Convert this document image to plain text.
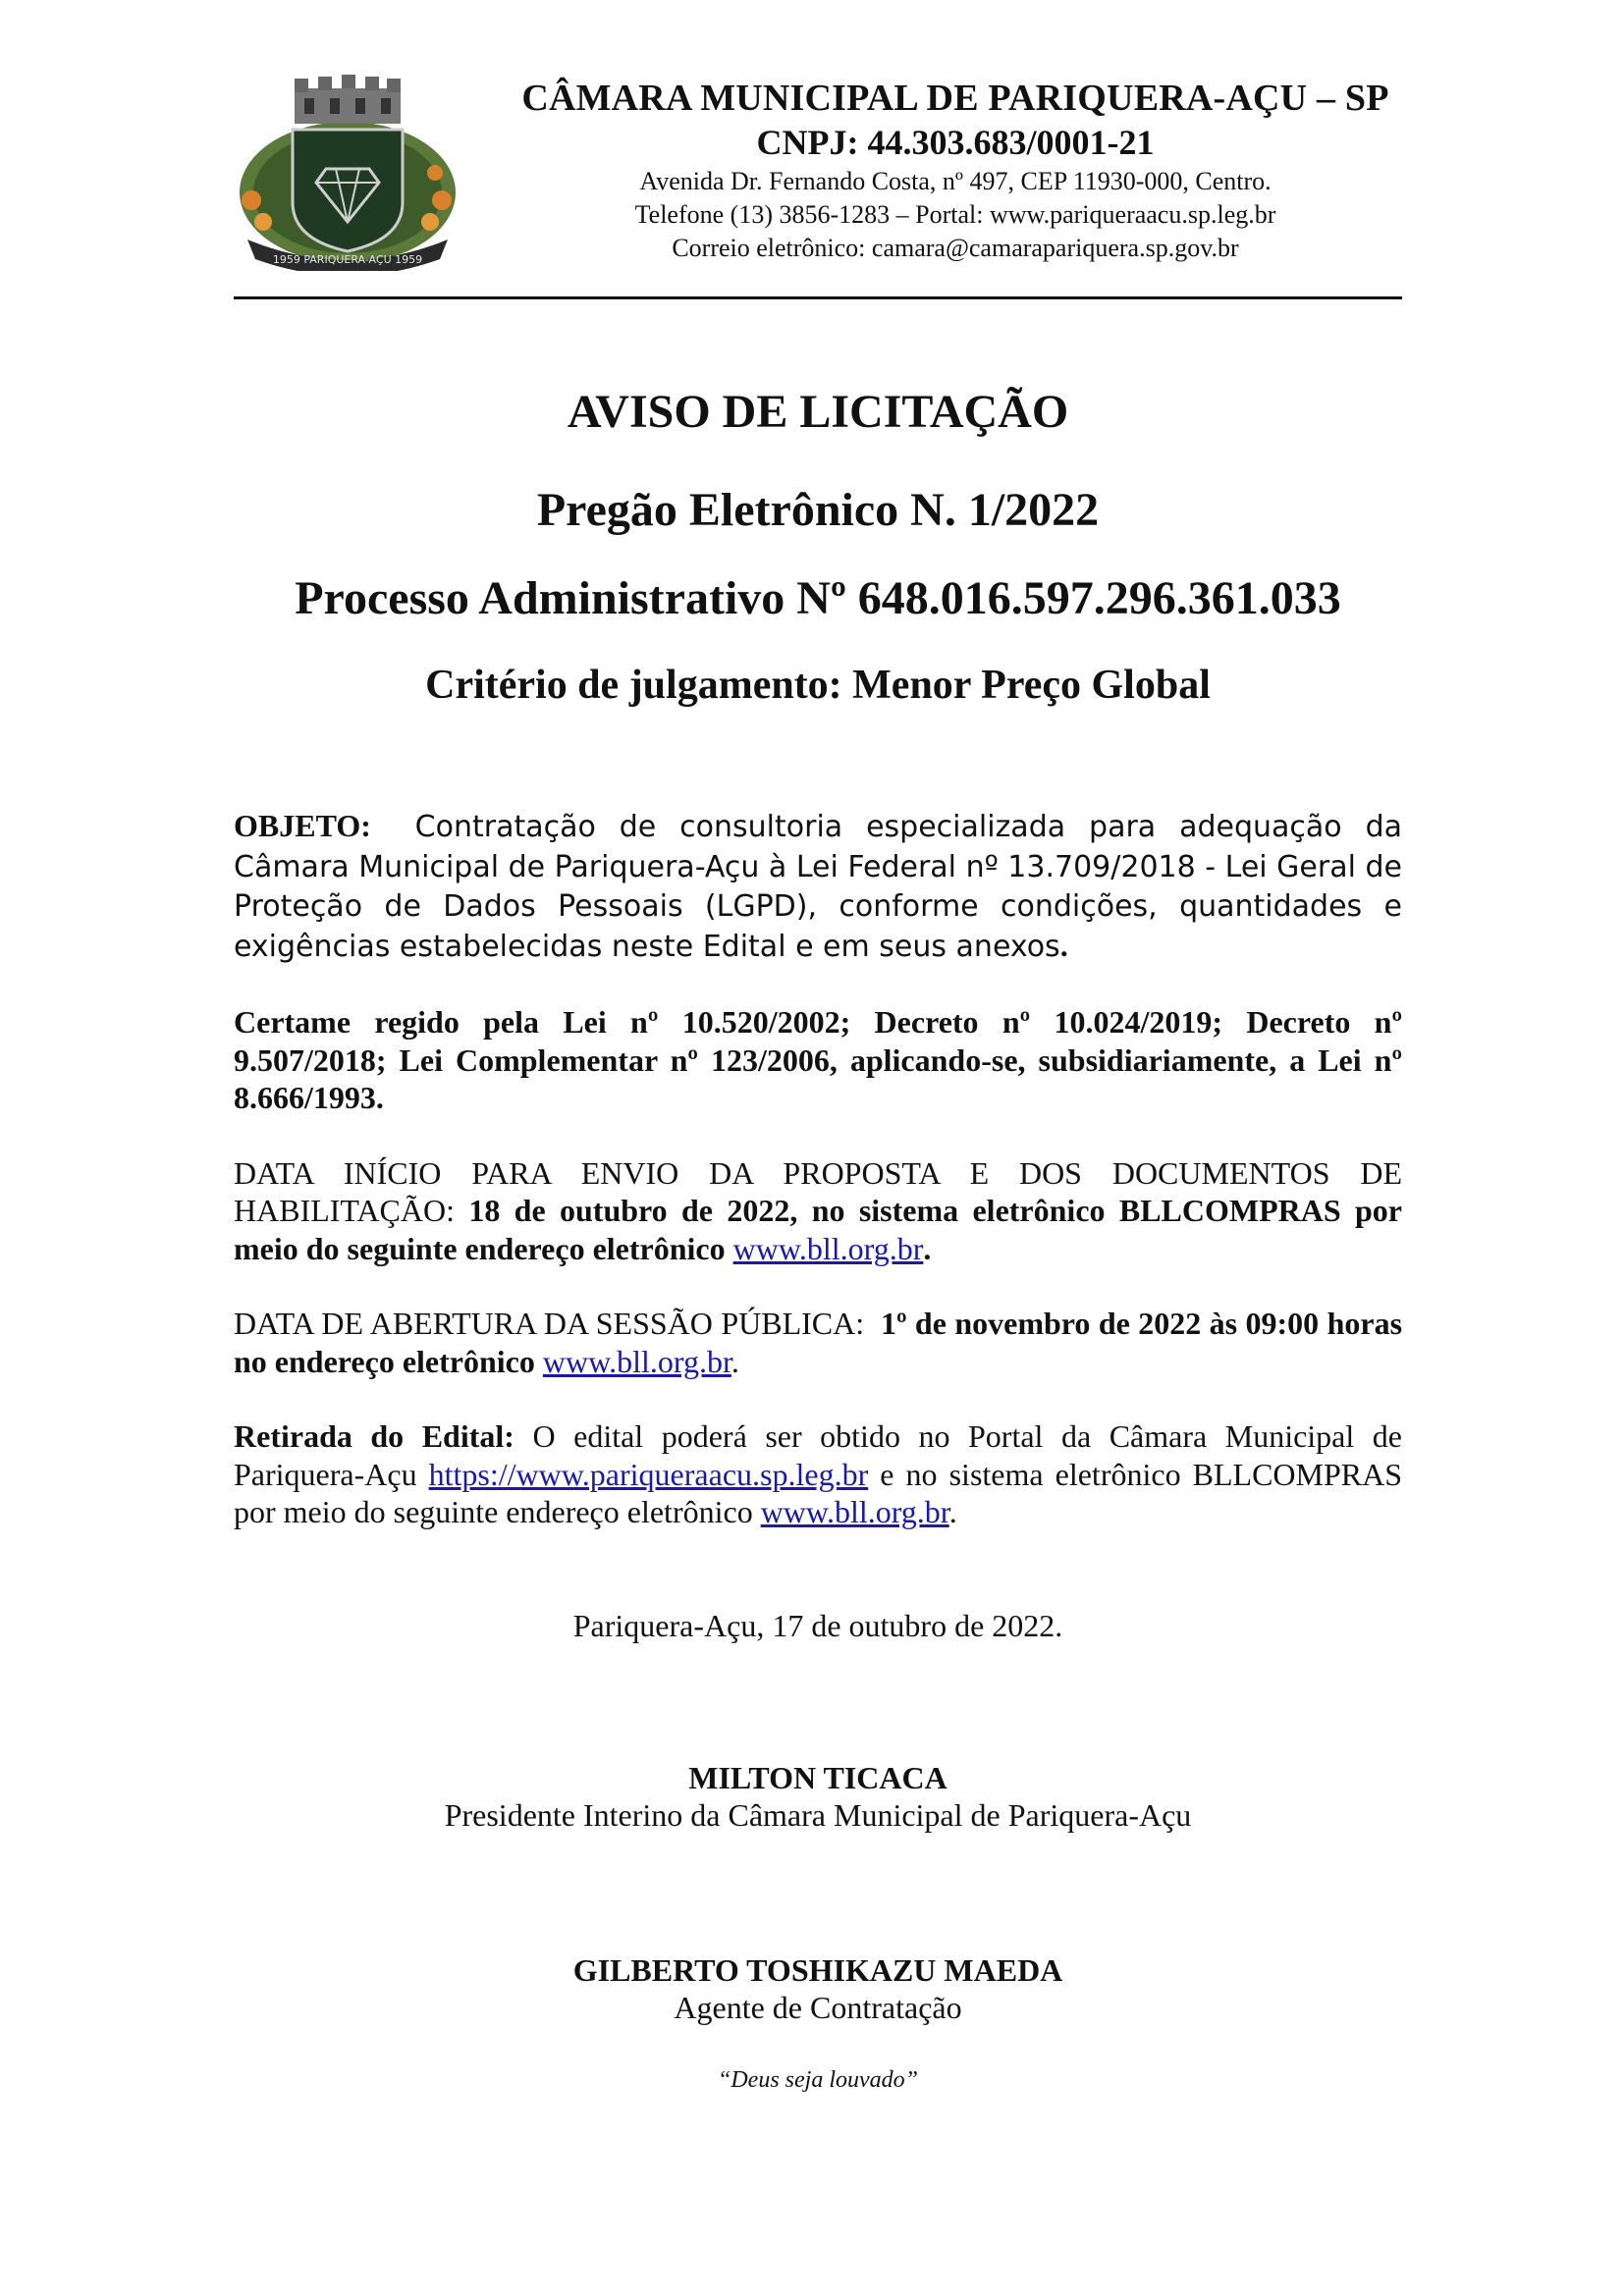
1959 PARIQUERA-AÇU 1959
CÂMARA MUNICIPAL DE PARIQUERA-AÇU – SP
CNPJ: 44.303.683/0001-21
Avenida Dr. Fernando Costa, nº 497, CEP 11930-000, Centro.
Telefone (13) 3856-1283 – Portal: www.pariqueraacu.sp.leg.br
Correio eletrônico: camara@camarapariquera.sp.gov.br
AVISO DE LICITAÇÃO
Pregão Eletrônico N. 1/2022
Processo Administrativo Nº 648.016.597.296.361.033
Critério de julgamento: Menor Preço Global

OBJETO: Contratação de consultoria especializada para adequação da Câmara Municipal de Pariquera-Açu à Lei Federal nº 13.709/2018 - Lei Geral de Proteção de Dados Pessoais (LGPD), conforme condições, quantidades e exigências estabelecidas neste Edital e em seus anexos.

Certame regido pela Lei nº 10.520/2002; Decreto nº 10.024/2019; Decreto nº 9.507/2018; Lei Complementar nº 123/2006, aplicando-se, subsidiariamente, a Lei nº 8.666/1993.

DATA INÍCIO PARA ENVIO DA PROPOSTA E DOS DOCUMENTOS DE HABILITAÇÃO: 18 de outubro de 2022, no sistema eletrônico BLLCOMPRAS por meio do seguinte endereço eletrônico www.bll.org.br.

DATA DE ABERTURA DA SESSÃO PÚBLICA: 1º de novembro de 2022 às 09:00 horas no endereço eletrônico www.bll.org.br.

Retirada do Edital: O edital poderá ser obtido no Portal da Câmara Municipal de Pariquera-Açu https://www.pariqueraacu.sp.leg.br e no sistema eletrônico BLLCOMPRAS por meio do seguinte endereço eletrônico www.bll.org.br.

Pariquera-Açu, 17 de outubro de 2022.
MILTON TICACA
Presidente Interino da Câmara Municipal de Pariquera-Açu
GILBERTO TOSHIKAZU MAEDA
Agente de Contratação
“Deus seja louvado”
